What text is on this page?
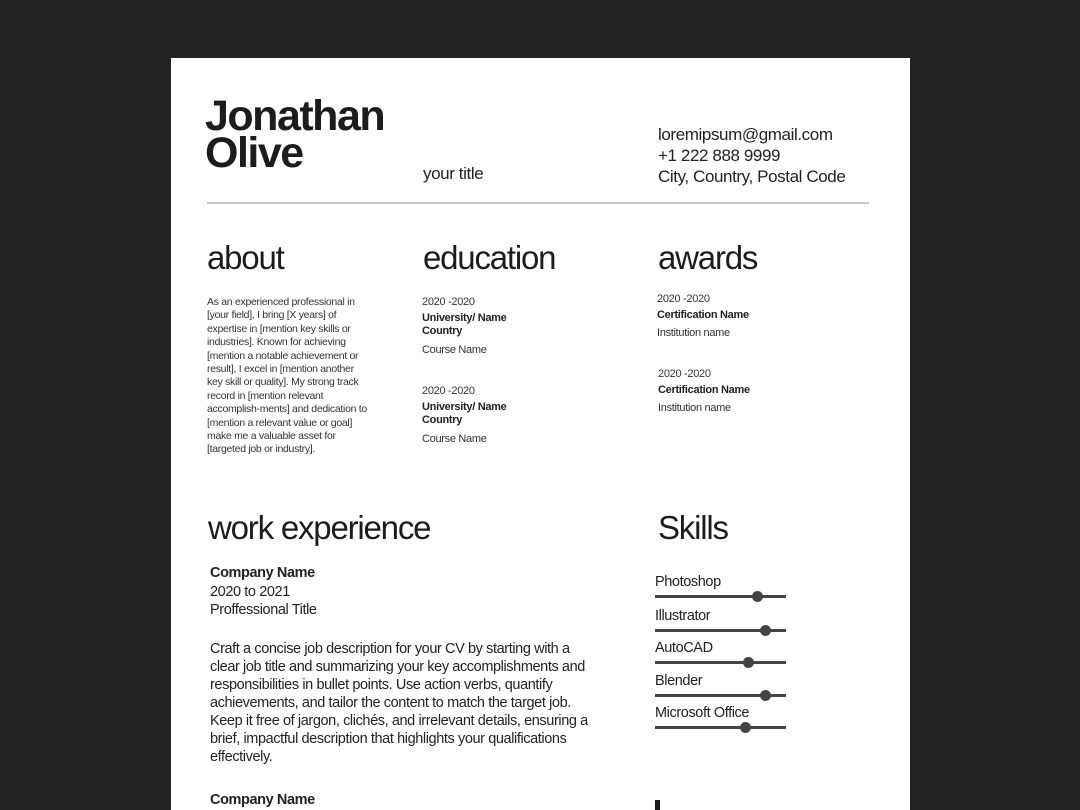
Jonathan
Olive	your title
loremipsum@gmail.com
+1 222 888 9999
City, Country, Postal Code
about
As an experienced professional in [your field], I bring [X years] of expertise in [mention key skills or industries]. Known for achieving [mention a notable achievement or result], I excel in [mention another key skill or quality]. My strong track record in [mention relevant accomplish-ments] and dedication to [mention a relevant value or goal] make me a valuable asset for [targeted job or industry].
education
2020 -2020
University/ Name Country
Course Name
2020 -2020
University/ Name Country
Course Name
awards
2020 -2020
Certification Name
Institution name
2020 -2020
Certification Name
Institution name
work experience
Company Name
2020 to 2021
Proffessional Title
Craft a concise job description for your CV by starting with a clear job title and summarizing your key accomplishments and responsibilities in bullet points. Use action verbs, quantify achievements, and tailor the content to match the target job. Keep it free of jargon, clichés, and irrelevant details, ensuring a brief, impactful description that highlights your qualifications effectively.
Company Name
Skills
Photoshop
Illustrator
AutoCAD
Blender
Microsoft Office
